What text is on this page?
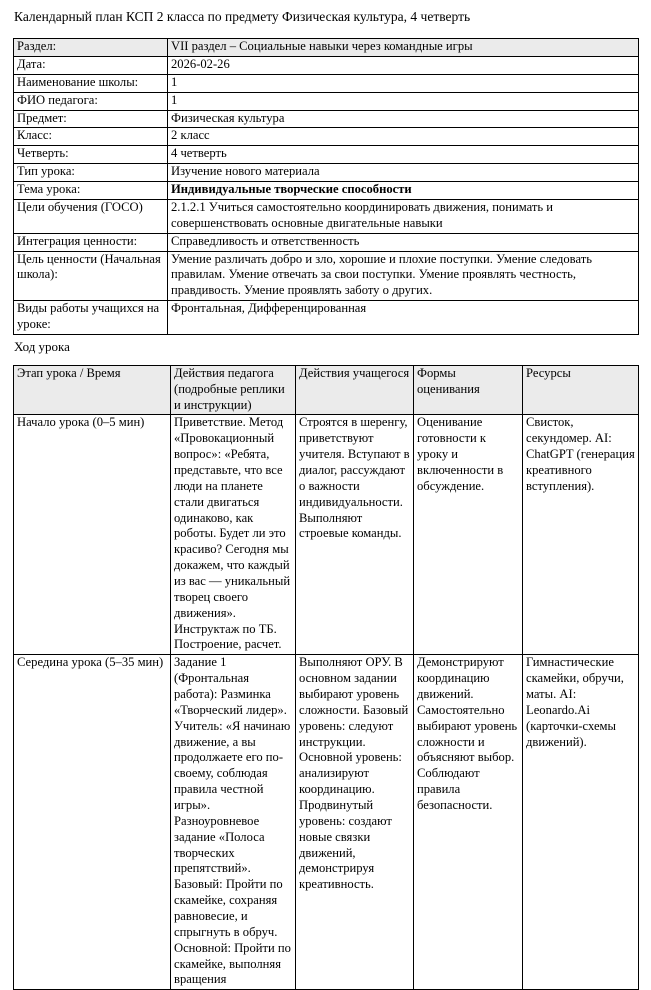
Календарный план КСП 2 класса по предмету Физическая культура, 4 четверть
Раздел:	VII раздел – Социальные навыки через командные игры
Дата:	2026-02-26
Наименование школы:	1
ФИО педагога:	1
Предмет:	Физическая культура
Класс:	2 класс
Четверть:	4 четверть
Тип урока:	Изучение нового материала
Тема урока:	Индивидуальные творческие способности
Цели обучения (ГОСО)	2.1.2.1 Учиться самостоятельно координировать движения, понимать и совершенствовать основные двигательные навыки
Интеграция ценности:	Справедливость и ответственность
Цель ценности (Начальная школа):	Умение различать добро и зло, хорошие и плохие поступки. Умение следовать правилам. Умение отвечать за свои поступки. Умение проявлять честность, правдивость. Умение проявлять заботу о других.
Виды работы учащихся на уроке:	Фронтальная, Дифференцированная
Ход урока
Этап урока / Время	Действия педагога (подробные реплики и инструкции)	Действия учащегося	Формы оценивания	Ресурсы
Начало урока (0–5 мин)	Приветствие. Метод «Провокационный вопрос»: «Ребята, представьте, что все люди на планете стали двигаться одинаково, как роботы. Будет ли это красиво? Сегодня мы докажем, что каждый из вас — уникальный творец своего движения». Инструктаж по ТБ. Построение, расчет.	Строятся в шеренгу, приветствуют учителя. Вступают в диалог, рассуждают о важности индивидуальности. Выполняют строевые команды.	Оценивание готовности к уроку и включенности в обсуждение.	Свисток, секундомер. AI: ChatGPT (генерация креативного вступления).
Середина урока (5–35 мин)	Задание 1 (Фронтальная работа): Разминка «Творческий лидер». Учитель: «Я начинаю движение, а вы продолжаете его по-своему, соблюдая правила честной игры». Разноуровневое задание «Полоса творческих препятствий». Базовый: Пройти по скамейке, сохраняя равновесие, и спрыгнуть в обруч. Основной: Пройти по скамейке, выполняя вращения	Выполняют ОРУ. В основном задании выбирают уровень сложности. Базовый уровень: следуют инструкции. Основной уровень: анализируют координацию. Продвинутый уровень: создают новые связки движений, демонстрируя креативность.	Демонстрируют координацию движений. Самостоятельно выбирают уровень сложности и объясняют выбор. Соблюдают правила безопасности.	Гимнастические скамейки, обручи, маты. AI: Leonardo.Ai (карточки-схемы движений).
